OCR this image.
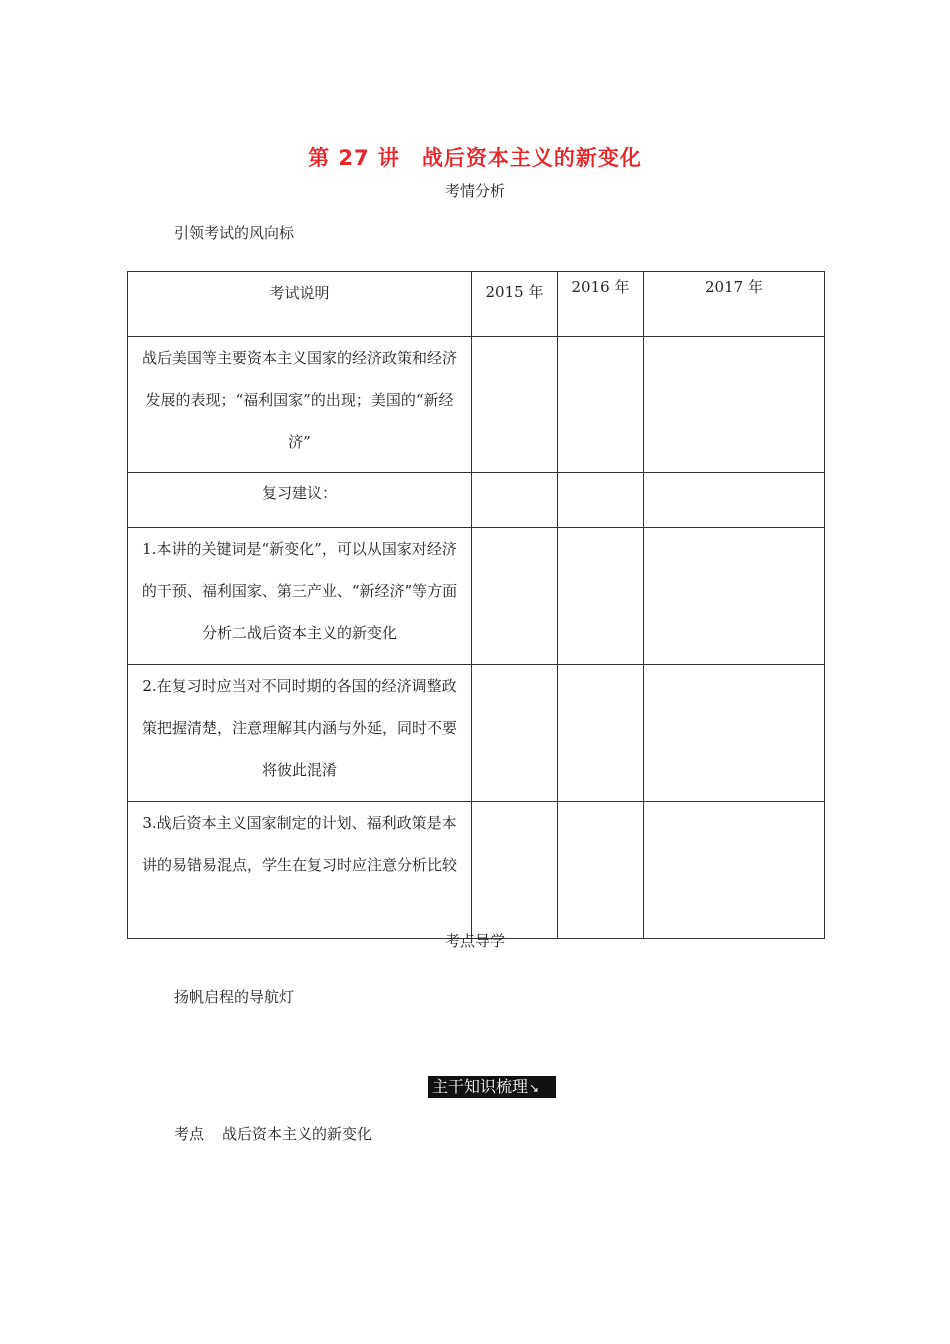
第 27 讲　战后资本主义的新变化
考情分析
引领考试的风向标
考试说明	2015 年	2016 年	2017 年
战后美国等主要资本主义国家的经济政策和经济发展的表现；“福利国家”的出现；美国的“新经济”			
复习建议：			
1.本讲的关键词是“新变化”，可以从国家对经济的干预、福利国家、第三产业、“新经济”等方面分析二战后资本主义的新变化			
2.在复习时应当对不同时期的各国的经济调整政策把握清楚，注意理解其内涵与外延，同时不要将彼此混淆			
3.战后资本主义国家制定的计划、福利政策是本讲的易错易混点，学生在复习时应注意分析比较			
考点导学
扬帆启程的导航灯
主干知识梳理↘
考点 战后资本主义的新变化
